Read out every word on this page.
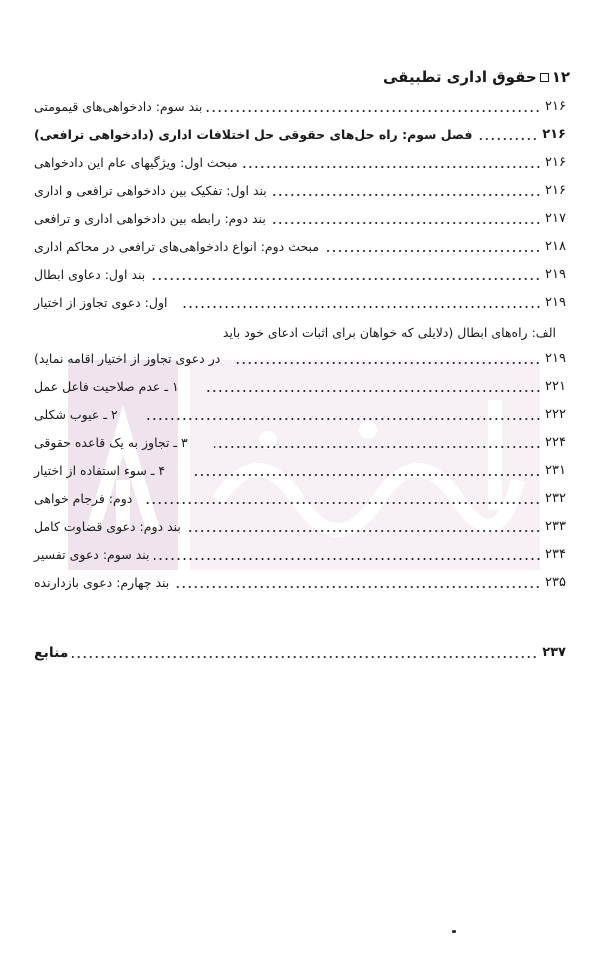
۱۲حقوق اداری تطبیقی
بند سوم: دادخواهی‌های قیمومتی	۲۱۶
فصل سوم: راه حل‌های حقوقی حل اختلافات اداری (دادخواهی ترافعی)	۲۱۶
مبحث اول: ویژگیهای عام این دادخواهی	۲۱۶
بند اول: تفکیک بین دادخواهی ترافعی و اداری	۲۱۶
بند دوم: رابطه بین دادخواهی اداری و ترافعی	۲۱۷
مبحث دوم: انواع دادخواهی‌های ترافعی در محاکم اداری	۲۱۸
بند اول: دعاوی ابطال	۲۱۹
اول: دعوی تجاوز از اختیار	۲۱۹
الف: راه‌های ابطال (دلایلی که خواهان برای اثبات ادعای خود باید
در دعوی تجاوز از اختیار اقامه نماید)	۲۱۹
۱ ـ عدم صلاحیت فاعل عمل	۲۲۱
۲ ـ عیوب شکلی	۲۲۲
۳ ـ تجاوز به یک قاعده حقوقی	۲۲۴
۴ ـ سوء استفاده از اختیار	۲۳۱
دوم: فرجام خواهی	۲۳۲
بند دوم: دعوی قضاوت کامل	۲۳۳
بند سوم: دعوی تفسیر	۲۳۴
بند چهارم: دعوی بازدارنده	۲۳۵
منابع	۲۳۷
